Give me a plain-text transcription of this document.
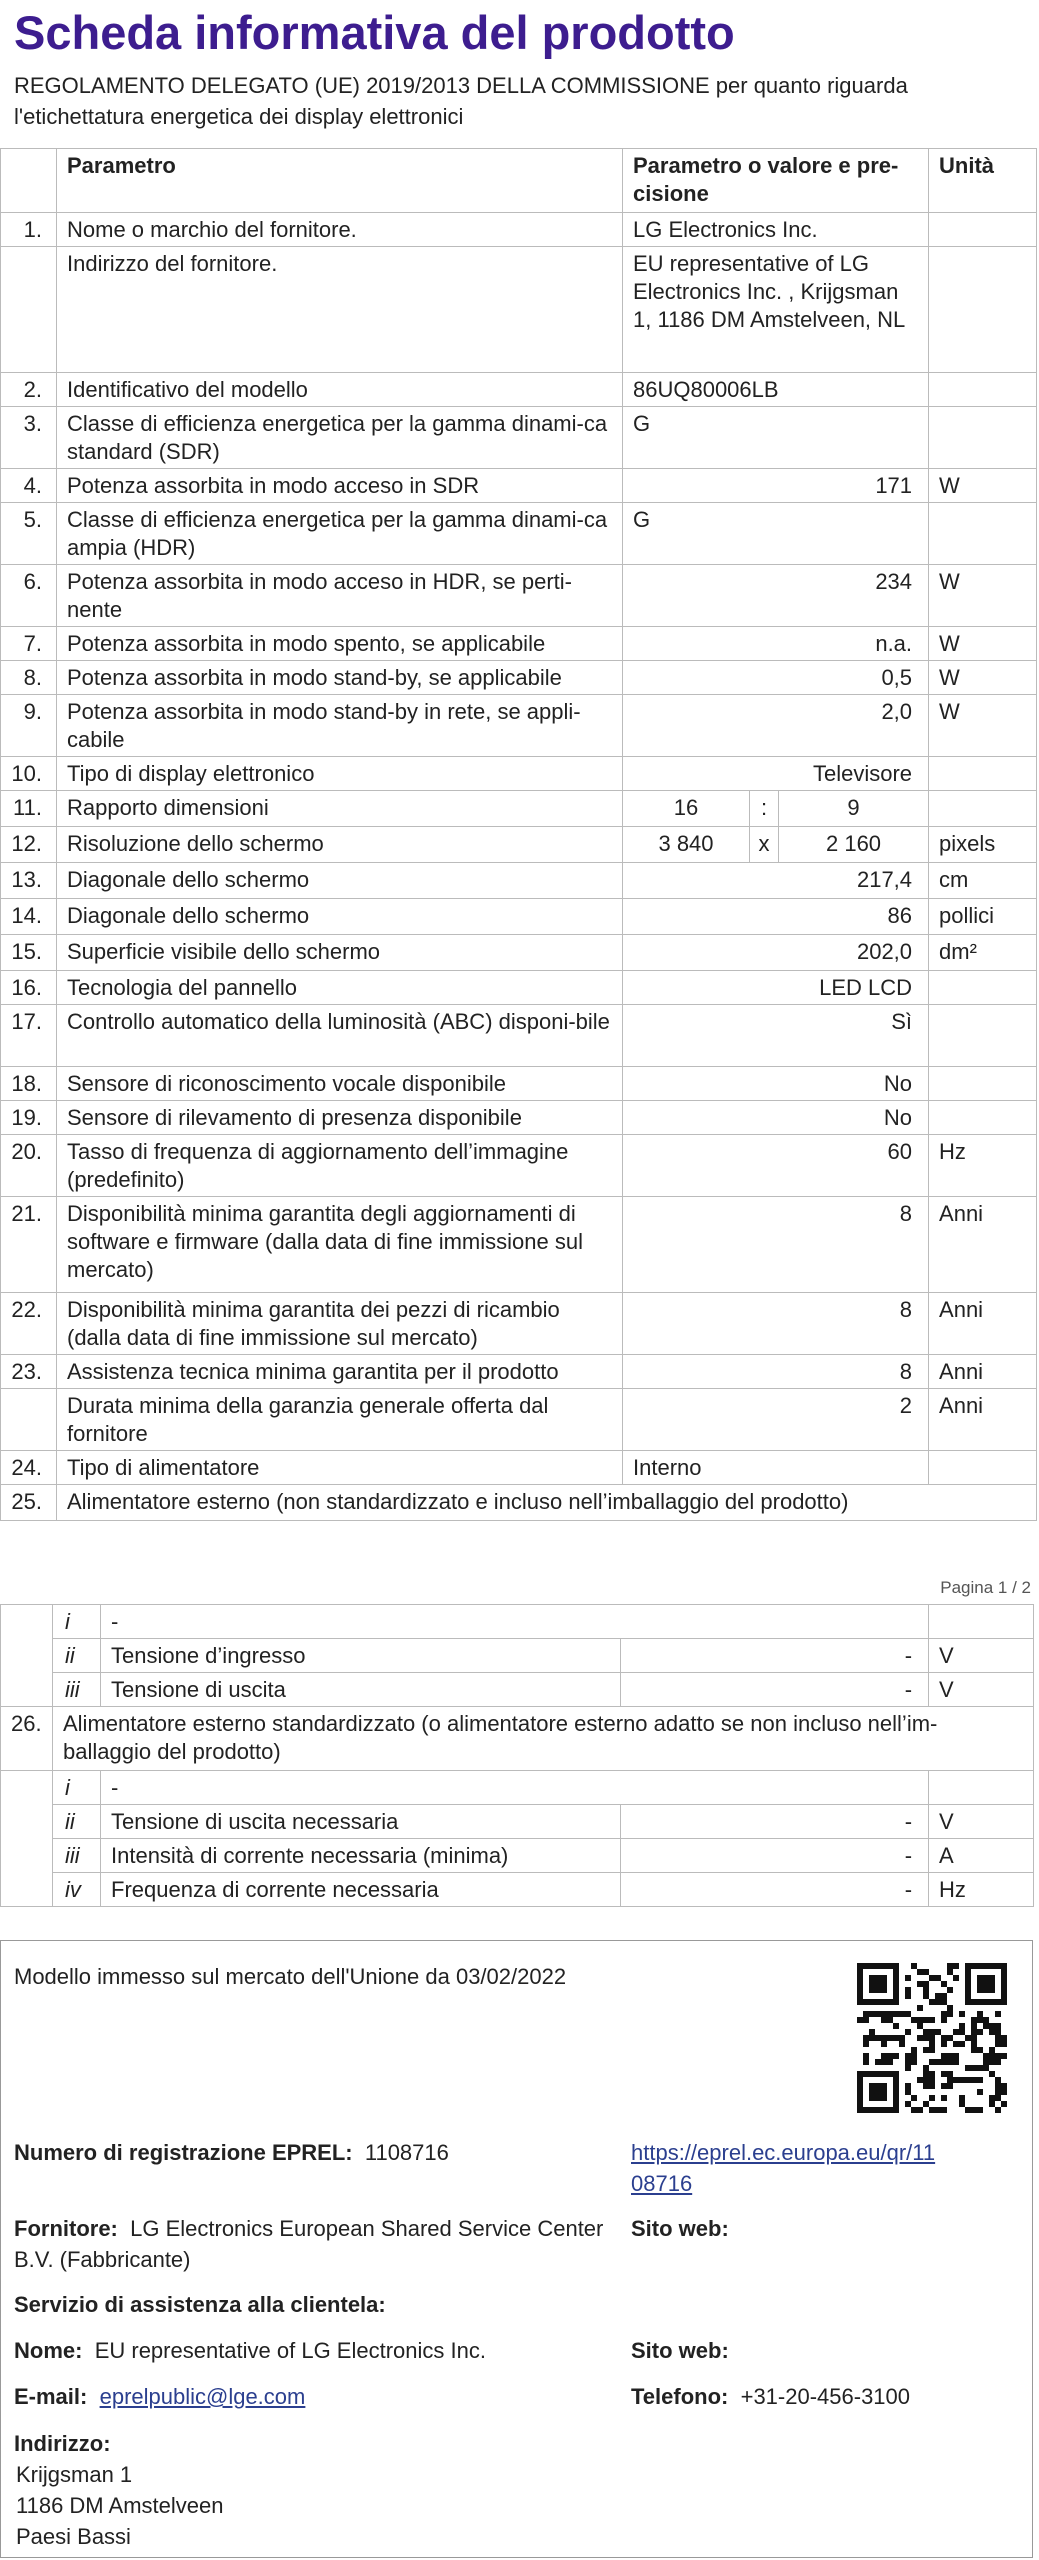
Scheda informativa del prodotto
REGOLAMENTO DELEGATO (UE) 2019/2013 DELLA COMMISSIONE per quanto riguarda l'etichettatura energetica dei display elettronici
	Parametro	Parametro o valore e pre-cisione			Unità
1.	Nome o marchio del fornitore.	LG Electronics Inc.			
	Indirizzo del fornitore.	EU representative of LG Electronics Inc. , Krijgsman 1, 1186 DM Amstelveen, NL			
2.	Identificativo del modello	86UQ80006LB			
3.	Classe di efficienza energetica per la gamma dinami-ca standard (SDR)	G			
4.	Potenza assorbita in modo acceso in SDR	171			W
5.	Classe di efficienza energetica per la gamma dinami-ca ampia (HDR)	G			
6.	Potenza assorbita in modo acceso in HDR, se perti-nente	234			W
7.	Potenza assorbita in modo spento, se applicabile	n.a.			W
8.	Potenza assorbita in modo stand-by, se applicabile	0,5			W
9.	Potenza assorbita in modo stand-by in rete, se appli-cabile	2,0			W
10.	Tipo di display elettronico	Televisore			
11.	Rapporto dimensioni	16	:	9	
12.	Risoluzione dello schermo	3 840	x	2 160	pixels
13.	Diagonale dello schermo	217,4			cm
14.	Diagonale dello schermo	86			pollici
15.	Superficie visibile dello schermo	202,0			dm²
16.	Tecnologia del pannello	LED LCD			
17.	Controllo automatico della luminosità (ABC) disponi-bile	Sì			
18.	Sensore di riconoscimento vocale disponibile	No			
19.	Sensore di rilevamento di presenza disponibile	No			
20.	Tasso di frequenza di aggiornamento dell’immagine (predefinito)	60			Hz
21.	Disponibilità minima garantita degli aggiornamenti di software e firmware (dalla data di fine immissione sul mercato)	8			Anni
22.	Disponibilità minima garantita dei pezzi di ricambio (dalla data di fine immissione sul mercato)	8			Anni
23.	Assistenza tecnica minima garantita per il prodotto	8			Anni
	Durata minima della garanzia generale offerta dal fornitore	2			Anni
24.	Tipo di alimentatore	Interno			
25.	Alimentatore esterno (non standardizzato e incluso nell’imballaggio del prodotto)				
Pagina 1 / 2
	i	-		
	ii	Tensione d’ingresso	-	V
	iii	Tensione di uscita	-	V
26.	Alimentatore esterno standardizzato (o alimentatore esterno adatto se non incluso nell’im-ballaggio del prodotto)			
	i	-		
	ii	Tensione di uscita necessaria	-	V
	iii	Intensità di corrente necessaria (minima)	-	A
	iv	Frequenza di corrente necessaria	-	Hz
Modello immesso sul mercato dell'Unione da 03/02/2022
Numero di registrazione EPREL: 1108716	https://eprel.ec.europa.eu/qr/11
08716
Fornitore: LG Electronics European Shared Service Center
B.V. (Fabbricante)
Sito web:
Servizio di assistenza alla clientela:
Nome: EU representative of LG Electronics Inc.	Sito web:
E-mail: eprelpublic@lge.com	Telefono: +31-20-456-3100
Indirizzo:
Krijgsman 1
1186 DM Amstelveen
Paesi Bassi
